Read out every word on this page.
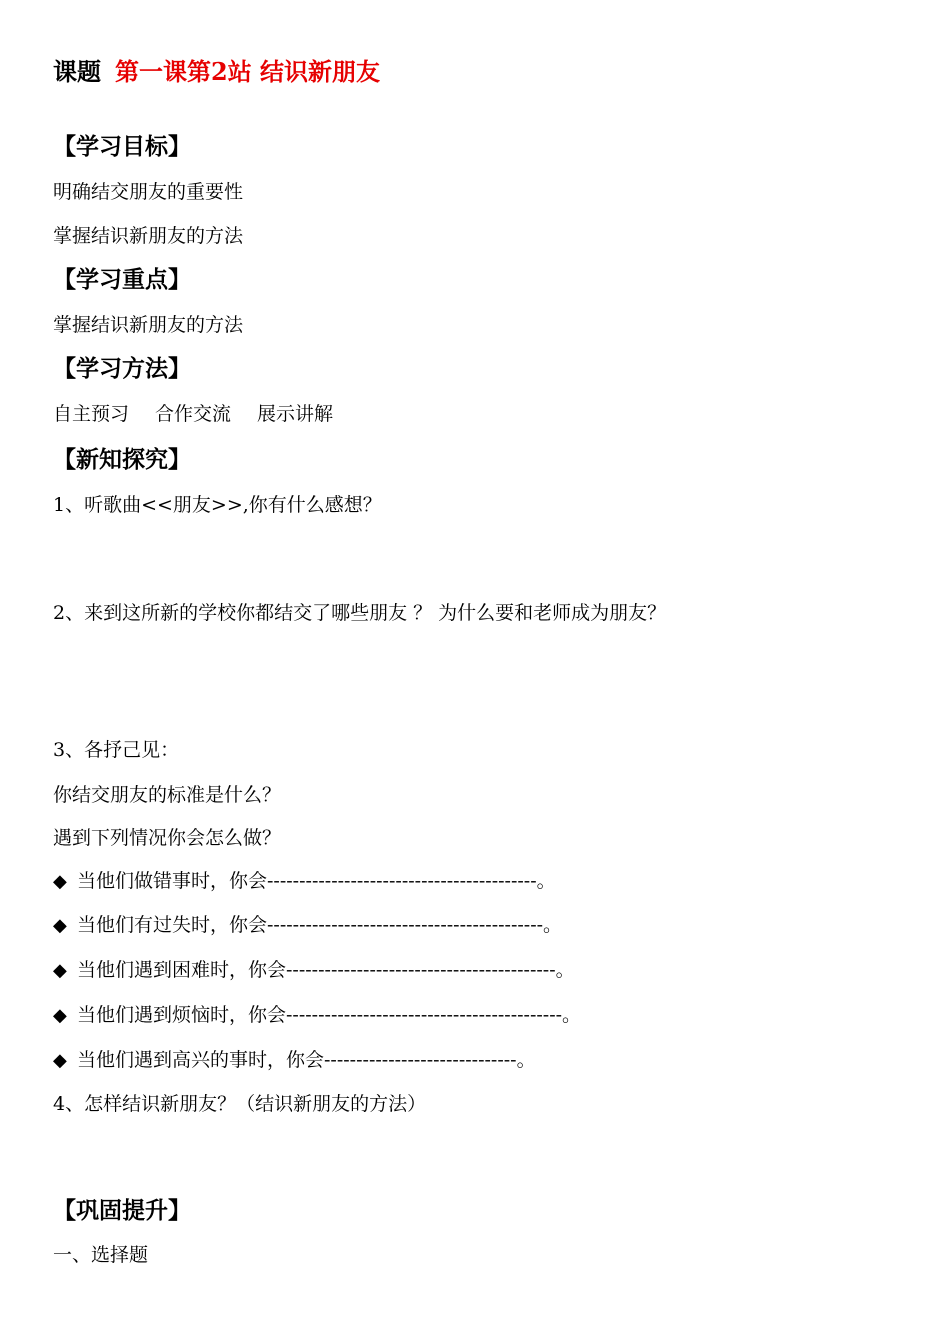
课题 第一课第2站 结识新朋友
【学习目标】
明确结交朋友的重要性
掌握结识新朋友的方法
【学习重点】
掌握结识新朋友的方法
【学习方法】
自主预习 合作交流 展示讲解
【新知探究】
1、听歌曲<<朋友>>,你有什么感想？
2、来到这所新的学校你都结交了哪些朋友 ？ 为什么要和老师成为朋友？
3、各抒己见：
你结交朋友的标准是什么？
遇到下列情况你会怎么做？
◆ 当他们做错事时，你会------------------------------------------。
◆ 当他们有过失时，你会-------------------------------------------。
◆ 当他们遇到困难时，你会------------------------------------------。
◆ 当他们遇到烦恼时，你会-------------------------------------------。
◆ 当他们遇到高兴的事时，你会------------------------------。
4、怎样结识新朋友？（结识新朋友的方法）
【巩固提升】
一、选择题
